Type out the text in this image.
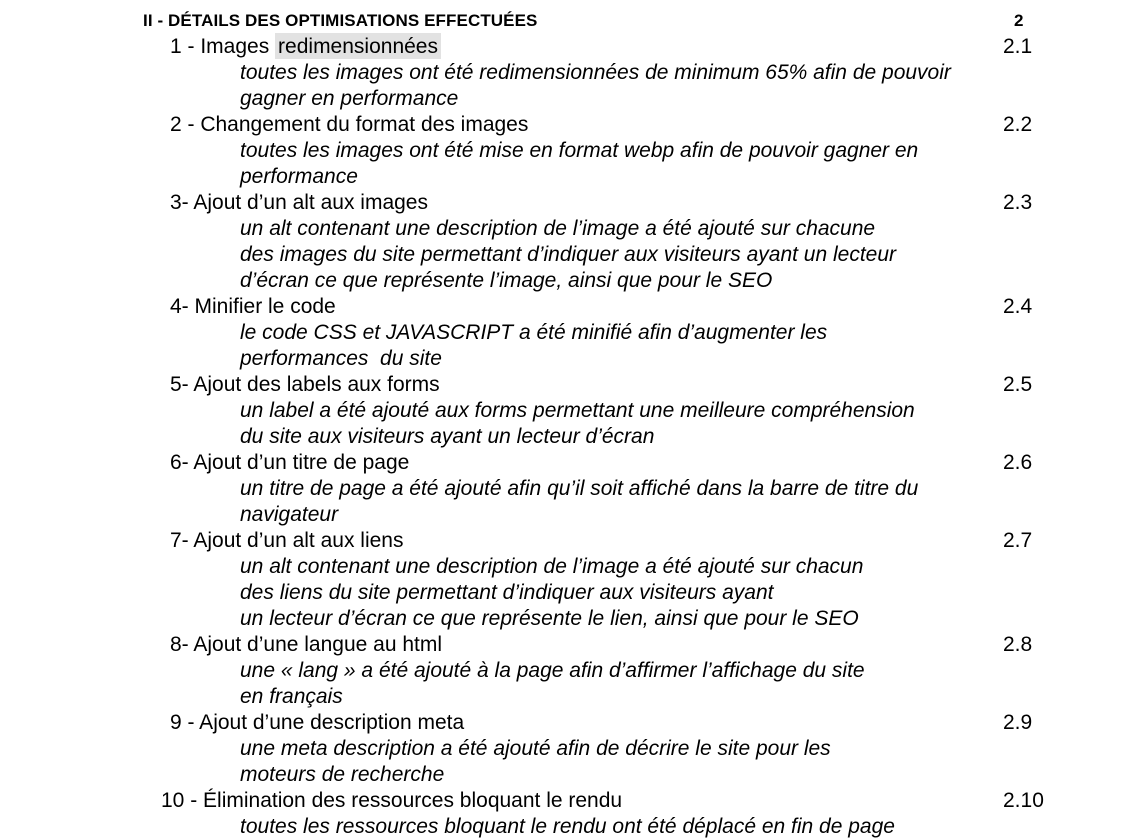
II - DÉTAILS DES OPTIMISATIONS EFFECTUÉES	2
1 - Images redimensionnées	2.1
toutes les images ont été redimensionnées de minimum 65% afin de pouvoir
gagner en performance
2 - Changement du format des images	2.2
toutes les images ont été mise en format webp afin de pouvoir gagner en
performance
3- Ajout d’un alt aux images	2.3
un alt contenant une description de l’image a été ajouté sur chacune
des images du site permettant d’indiquer aux visiteurs ayant un lecteur
d’écran ce que représente l’image, ainsi que pour le SEO
4- Minifier le code	2.4
le code CSS et JAVASCRIPT a été minifié afin d’augmenter les
performances  du site
5- Ajout des labels aux forms	2.5
un label a été ajouté aux forms permettant une meilleure compréhension
du site aux visiteurs ayant un lecteur d’écran
6- Ajout d’un titre de page	2.6
un titre de page a été ajouté afin qu’il soit affiché dans la barre de titre du
navigateur
7- Ajout d’un alt aux liens	2.7
un alt contenant une description de l’image a été ajouté sur chacun
des liens du site permettant d’indiquer aux visiteurs ayant
un lecteur d’écran ce que représente le lien, ainsi que pour le SEO
8- Ajout d’une langue au html	2.8
une « lang » a été ajouté à la page afin d’affirmer l’affichage du site
en français
9 - Ajout d’une description meta	2.9
une meta description a été ajouté afin de décrire le site pour les
moteurs de recherche
10 - Élimination des ressources bloquant le rendu	2.10
toutes les ressources bloquant le rendu ont été déplacé en fin de page
